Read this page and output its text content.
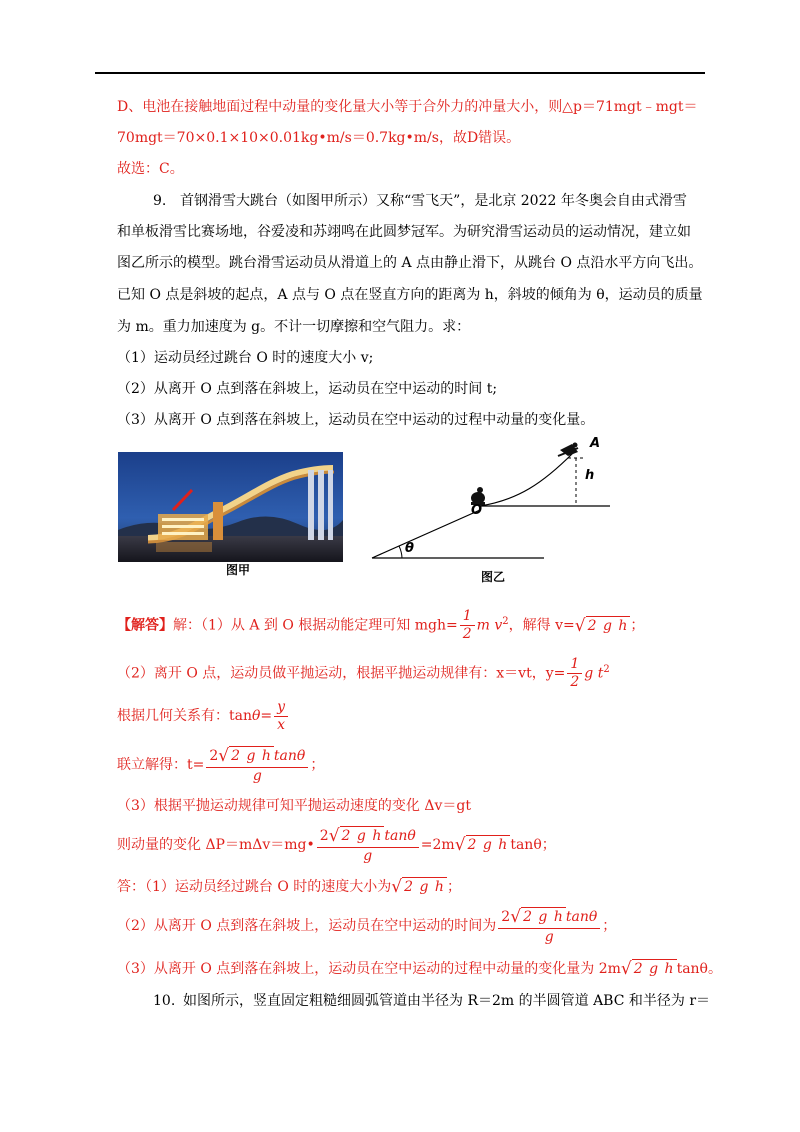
D、电池在接触地面过程中动量的变化量大小等于合外力的冲量大小，则△p＝71mgt﹣mgt＝
70mgt＝70×0.1×10×0.01kg•m/s＝0.7kg•m/s，故D错误。
故选：C。
9. 首钢滑雪大跳台（如图甲所示）又称“雪飞天”，是北京 2022 年冬奥会自由式滑雪
和单板滑雪比赛场地，谷爱凌和苏翊鸣在此圆梦冠军。为研究滑雪运动员的运动情况，建立如
图乙所示的模型。跳台滑雪运动员从滑道上的 A 点由静止滑下，从跳台 O 点沿水平方向飞出。
已知 O 点是斜坡的起点，A 点与 O 点在竖直方向的距离为 h，斜坡的倾角为 θ，运动员的质量
为 m。重力加速度为 g。不计一切摩擦和空气阻力。求：
（1）运动员经过跳台 O 时的速度大小 v;
（2）从离开 O 点到落在斜坡上，运动员在空中运动的时间 t;
（3）从离开 O 点到落在斜坡上，运动员在空中运动的过程中动量的变化量。
图甲
A
h
O
θ
图乙
【解答】解：（1）从 A 到 O 根据动能定理可知 $mgh= \frac{1}{2}$ m $v^2$，解得 v= √ 2 g h ；
（2）离开 O 点，运动员做平抛运动，根据平抛运动规律有：x＝vt，$y= \frac{1}{2}$ g $t^2$
根据几何关系有：$\tan\theta= \frac{y}{x}$
联立解得：$t= \frac{\text{2 √ 2 g h tanθ}}{g}$ ；
（3）根据平抛运动规律可知平抛运动速度的变化 Δv＝gt
则动量的变化 ΔP＝mΔv＝mg• $\frac{\text{2 √ 2 g h tanθ}}{g} =2m$ √ 2 g h tanθ；
答：（1）运动员经过跳台 O 时的速度大小为 √ 2 g h ；
（2）从离开 O 点到落在斜坡上，运动员在空中运动的时间为 $\frac{\text{2 √ 2 g h tanθ}}{g}$ ；
（3）从离开 O 点到落在斜坡上，运动员在空中运动的过程中动量的变化量为 2m √ 2 g h tanθ。
10. 如图所示，竖直固定粗糙细圆弧管道由半径为 R＝2m 的半圆管道 ABC 和半径为 r＝
